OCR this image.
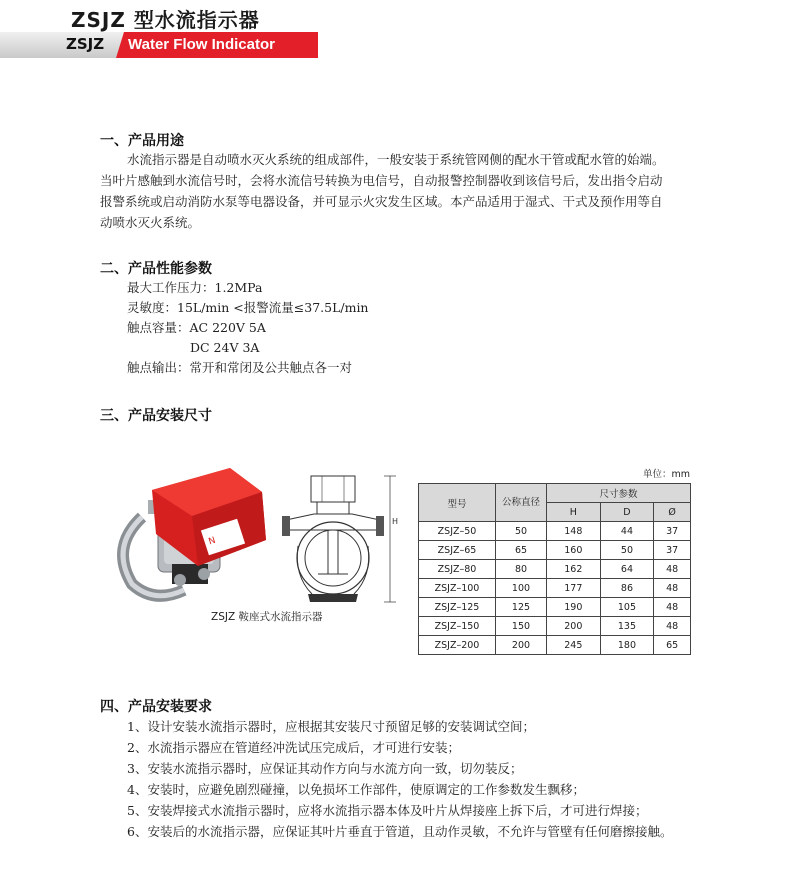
ZSJZ 型水流指示器
ZSJZ Water Flow Indicator
一、产品用途
水流指示器是自动喷水灭火系统的组成部件，一般安装于系统管网侧的配水干管或配水管的始端。
当叶片感触到水流信号时，会将水流信号转换为电信号，自动报警控制器收到该信号后，发出指令启动
报警系统或启动消防水泵等电器设备，并可显示火灾发生区域。本产品适用于湿式、干式及预作用等自
动喷水灭火系统。
二、产品性能参数
最大工作压力：1.2MPa
灵敏度：15L/min <报警流量≤37.5L/min
触点容量：AC 220V 5A
DC 24V 3A
触点输出：常开和常闭及公共触点各一对
三、产品安装尺寸
N
ZSJZ 鞍座式水流指示器
H
单位：mm
型号	公称直径	尺寸参数		
		H	D	Ø
ZSJZ–50	50	148	44	37
ZSJZ–65	65	160	50	37
ZSJZ–80	80	162	64	48
ZSJZ–100	100	177	86	48
ZSJZ–125	125	190	105	48
ZSJZ–150	150	200	135	48
ZSJZ–200	200	245	180	65
四、产品安装要求
1、设计安装水流指示器时，应根据其安装尺寸预留足够的安装调试空间；
2、水流指示器应在管道经冲洗试压完成后，才可进行安装；
3、安装水流指示器时，应保证其动作方向与水流方向一致，切勿装反；
4、安装时，应避免剧烈碰撞，以免损坏工作部件，使原调定的工作参数发生飘移；
5、安装焊接式水流指示器时，应将水流指示器本体及叶片从焊接座上拆下后，才可进行焊接；
6、安装后的水流指示器，应保证其叶片垂直于管道，且动作灵敏，不允许与管壁有任何磨擦接触。
